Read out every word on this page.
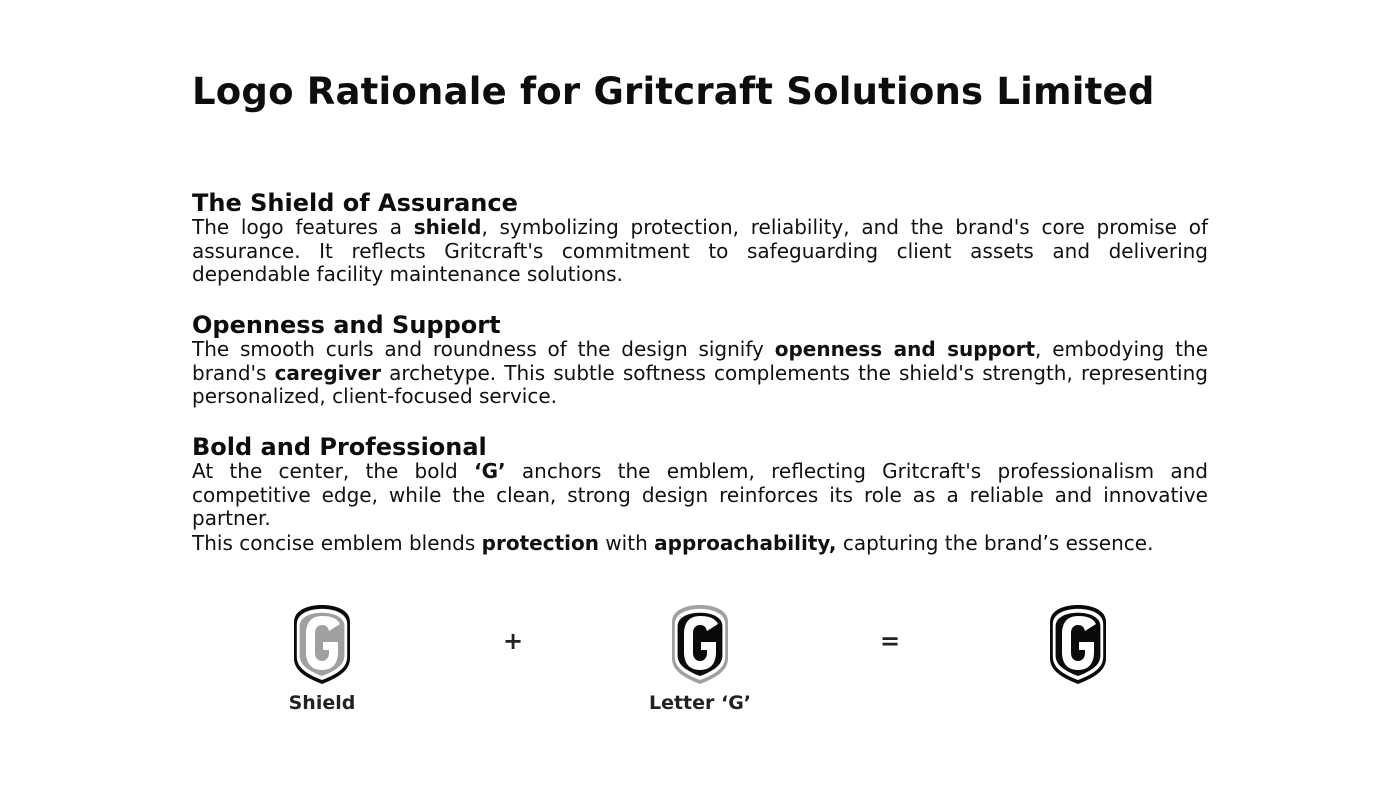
Logo Rationale for Gritcraft Solutions Limited
The Shield of Assurance

The logo features a shield, symbolizing protection, reliability, and the brand's core promise of assurance. It reflects Gritcraft's commitment to safeguarding client assets and delivering dependable facility maintenance solutions.

Openness and Support

The smooth curls and roundness of the design signify openness and support, embodying the brand's caregiver archetype. This subtle softness complements the shield's strength, representing personalized, client-focused service.

Bold and Professional

At the center, the bold ‘G’ anchors the emblem, reflecting Gritcraft's professionalism and competitive edge, while the clean, strong design reinforces its role as a reliable and innovative partner.

This concise emblem blends protection with approachability, capturing the brand’s essence.

Shield
+
Letter ‘G’
=
